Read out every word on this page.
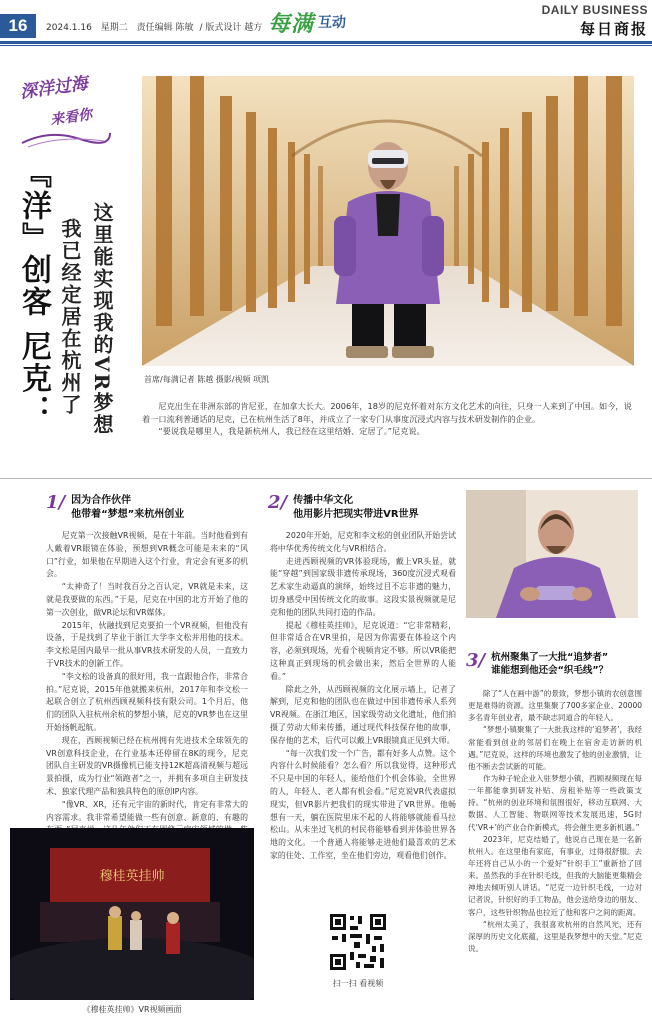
16	2024.1.16 星期二 责任编辑 陈敏 / 版式设计 越方 每满 互动
DAILY BUSINESS
每日商报
深洋过海
来看你
『洋』创客 尼克： 这里能实现我的VR梦想
我已经定居在杭州了	首席/每满记者 陈越 摄影/视频 项凯

尼克出生在非洲东部的肯尼亚，在加拿大长大。2006年，18岁的尼克怀着对东方文化艺术的向往，只身一人来到了中国。如今，说着一口流利普通话的尼克，已在杭州生活了8年，并成立了一家专门从事度沉浸式内容与技术研发制作的企业。

“要说我是哪里人，我是新杭州人，我已经在这里结婚、定居了。”尼克说。

1/ 因为合作伙伴
他带着“梦想”来杭州创业

尼克第一次接触VR视频，是在十年前。当时他看到有人戴着VR眼镜在体验，预想到VR概念可能是未来的“风口”行业，如果他在早期进入这个行业，肯定会有更多的机会。

“太神奇了！当时我百分之百认定，VR就是未来，这就是我要做的东西。”于是，尼克在中国的北方开始了他的第一次创业，做VR论坛和VR媒体。

2015年，伙融找到尼克要拍一个VR视频，但他没有设备，于是找到了毕业于浙江大学李文松并用他的技术。李文松是国内最早一批从事VR技术研发的人员，一直致力于VR技术的创新工作。

“李文松的设备真的很好用，我一直跟他合作，非常合拍。”尼克说，2015年他就搬来杭州，2017年和李文松一起联合创立了杭州西顾视频科技有限公司。1个月后，他们的团队入驻杭州余杭的梦想小镇，尼克的VR梦也在这里开始扬帆起航。

现在，西顾视频已经在杭州拥有先进技术全球领先的VR创意科技企业，在行业基本还停留在8K的现今，尼克团队自主研发的VR摄像机已能支持12K超高清视频与超远景拍摄，成为行业“领跑者”之一，并拥有多项自主研发技术、独家代理产品和独具特色的原创IP内容。

“像VR、XR，还有元宇宙的新时代，肯定有非常大的内容需求。我非常希望能做一些有创意、新意的、有趣的

2/ 传播中华文化
他用影片把现实带进VR世界

2020年开始，尼克和李文松的创业团队开始尝试将中华优秀传统文化与VR相结合。

走进西顾视频的VR体验现场，戴上VR头显，就能“穿越”到国家级非遗传承现场，360度沉浸式观看艺术家生动逼真的演绎，始终过目不忘非遗的魅力，切身感受中国传统文化的故事。这段实景视频就是尼克和他的团队共同打造的作品。

提起《穆桂英挂帅》，尼克说道：“它非常精彩，但非常适合在VR里拍，是因为你需要在体验这个内容，必须到现场，光看个视频肯定不够。所以VR能把这种真正到现场的机会做出来，然后全世界的人能看。”

除此之外，从西顾视频的文化展示墙上，记者了解到，尼克和他的团队也在做过中国非遗传承人系列VR视频。在浙江地区，国家级劳动文化遗址，他们拍摄了劳动大师来传播，通过现代科技保存他的故事，保存他的艺术，后代可以戴上VR眼镜真正见到大师。

“每一次我们发一个广告，都有好多人点赞。这个内容什么时候能看？怎么看？所以我觉得，这种形式不只是中国的年轻人，能给他们个机会体验，全世界的人，年轻人、老人都有机会看。”尼克说VR代表虚拟现实，但VR影片把我们的现实带进了VR世界。他畅想有一天，躺在医院里床不起的人将能够就能看马拉松山。从未坐过飞机的村民将能够看到并体验世界各地的文化。一个普通人将能够走进他们最喜欢的艺术家的住处、工作室，坐在他们旁边，观看他们创作。

3/ 杭州聚集了一大批“追梦者”
谁能想到他还会“织毛线”？

除了“人在画中游”的景致，梦想小镇的农创意围更是难得的资源。这里集聚了700多家企业、20000多名青年创业者，最不缺志同道合的年轻人。

“梦想小镇聚集了一大批我这样的‘追梦者’，我经常能看到创业的邻居们在晚上在宿舍走访新的机遇。”尼克说，这样的环境也激发了他的创业激情，让他不断去尝试新的可能。

作为种子轮企业入驻梦想小镇，西顾视频现在每一年都能拿到研发补贴、房租补贴等一些政策支持。“杭州的创业环境和氛围很好，移动互联网、大数据、人工智能、物联网等技术发展迅速，5G时代‘VR+’的产业合作新模式，将会催生更多新机遇。”

2023年，尼克结婚了，他说自己现在是一名新杭州人。在这里他有家庭，有事业，过得很舒服。去年还将自己从小的一个爱好“针织手工”重新拾了回来。虽然我的手在针织毛线，但我的大脑能更集精会神地去倾听别人讲话。“尼克一边针织毛线，一边对记者说，针织好的手工物品，他会送给身边的朋友、客户，这些针织物品也拉近了他和客户之间的距离。

“杭州太美了，我很喜欢杭州的自然风光，还有深厚的历史文化底蕴，这里是我梦想中的天堂。”尼克说。

穆桂英挂帅
《穆桂英挂帅》VR视频画面
扫一扫 看视频
